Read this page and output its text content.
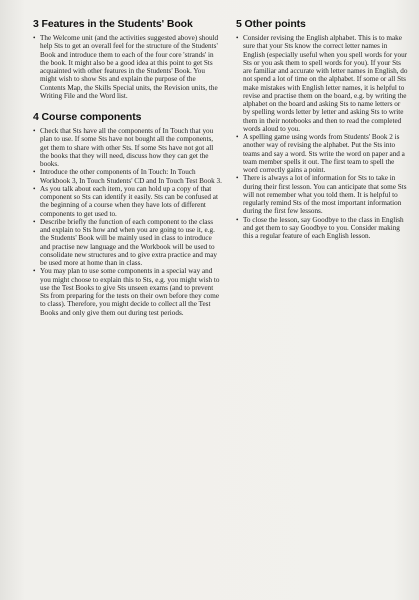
3 Features in the Students' Book
• The Welcome unit (and the activities suggested above) should help Sts to get an overall feel for the structure of the Students' Book and introduce them to each of the four core 'strands' in the book. It might also be a good idea at this point to get Sts acquainted with other features in the Students' Book. You might wish to show Sts and explain the purpose of the Contents Map, the Skills Special units, the Revision units, the Writing File and the Word list.
4 Course components
• Check that Sts have all the components of In Touch that you plan to use. If some Sts have not bought all the components, get them to share with other Sts. If some Sts have not got all the books that they will need, discuss how they can get the books.
• Introduce the other components of In Touch: In Touch Workbook 3, In Touch Students' CD and In Touch Test Book 3.
• As you talk about each item, you can hold up a copy of that component so Sts can identify it easily. Sts can be confused at the beginning of a course when they have lots of different components to get used to.
• Describe briefly the function of each component to the class and explain to Sts how and when you are going to use it, e.g. the Students' Book will be mainly used in class to introduce and practise new language and the Workbook will be used to consolidate new structures and to give extra practice and may be used more at home than in class.
• You may plan to use some components in a special way and you might choose to explain this to Sts, e.g. you might wish to use the Test Books to give Sts unseen exams (and to prevent Sts from preparing for the tests on their own before they come to class). Therefore, you might decide to collect all the Test Books and only give them out during test periods.
5 Other points
• Consider revising the English alphabet. This is to make sure that your Sts know the correct letter names in English (especially useful when you spell words for your Sts or you ask them to spell words for you). If your Sts are familiar and accurate with letter names in English, do not spend a lot of time on the alphabet. If some or all Sts make mistakes with English letter names, it is helpful to revise and practise them on the board, e.g. by writing the alphabet on the board and asking Sts to name letters or by spelling words letter by letter and asking Sts to write them in their notebooks and then to read the completed words aloud to you.
• A spelling game using words from Students' Book 2 is another way of revising the alphabet. Put the Sts into teams and say a word. Sts write the word on paper and a team member spells it out. The first team to spell the word correctly gains a point.
• There is always a lot of information for Sts to take in during their first lesson. You can anticipate that some Sts will not remember what you told them. It is helpful to regularly remind Sts of the most important information during the first few lessons.
• To close the lesson, say Goodbye to the class in English and get them to say Goodbye to you. Consider making this a regular feature of each English lesson.
